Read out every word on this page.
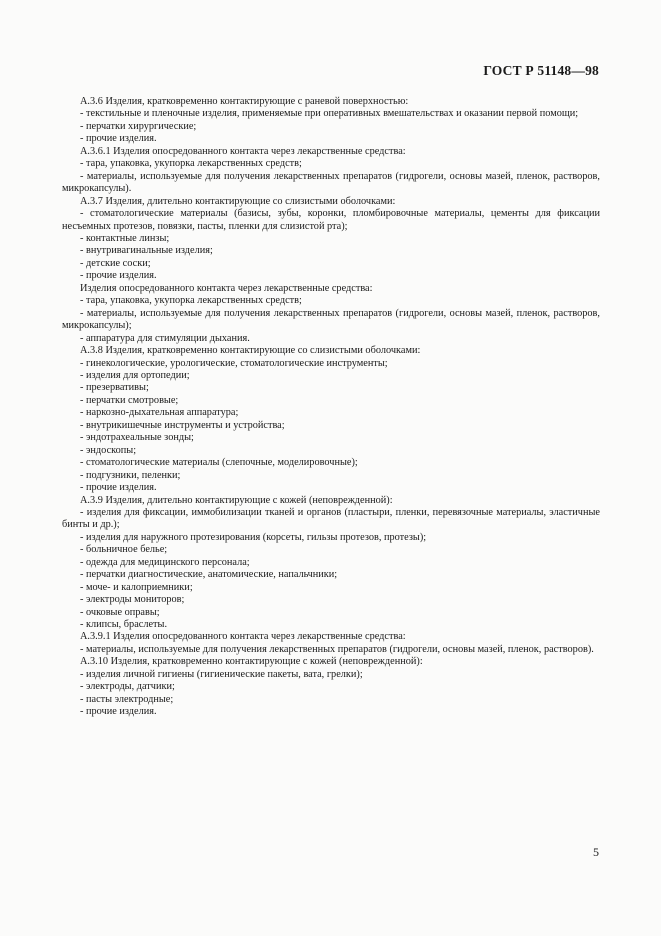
ГОСТ Р 51148—98

А.3.6 Изделия, кратковременно контактирующие с раневой поверхностью:

- текстильные и пленочные изделия, применяемые при оперативных вмешательствах и оказании первой помощи;

- перчатки хирургические;

- прочие изделия.

А.3.6.1 Изделия опосредованного контакта через лекарственные средства:

- тара, упаковка, укупорка лекарственных средств;

- материалы, используемые для получения лекарственных препаратов (гидрогели, основы мазей, пленок, растворов, микрокапсулы).

А.3.7 Изделия, длительно контактирующие со слизистыми оболочками:

- стоматологические материалы (базисы, зубы, коронки, пломбировочные материалы, цементы для фиксации несъемных протезов, повязки, пасты, пленки для слизистой рта);

- контактные линзы;

- внутривагинальные изделия;

- детские соски;

- прочие изделия.

Изделия опосредованного контакта через лекарственные средства:

- тара, упаковка, укупорка лекарственных средств;

- материалы, используемые для получения лекарственных препаратов (гидрогели, основы мазей, пленок, растворов, микрокапсулы);

- аппаратура для стимуляции дыхания.

А.3.8 Изделия, кратковременно контактирующие со слизистыми оболочками:

- гинекологические, урологические, стоматологические инструменты;

- изделия для ортопедии;

- презервативы;

- перчатки смотровые;

- наркозно-дыхательная аппаратура;

- внутрикишечные инструменты и устройства;

- эндотрахеальные зонды;

- эндоскопы;

- стоматологические материалы (слепочные, моделировочные);

- подгузники, пеленки;

- прочие изделия.

А.3.9 Изделия, длительно контактирующие с кожей (неповрежденной):

- изделия для фиксации, иммобилизации тканей и органов (пластыри, пленки, перевязочные материалы, эластичные бинты и др.);

- изделия для наружного протезирования (корсеты, гильзы протезов, протезы);

- больничное белье;

- одежда для медицинского персонала;

- перчатки диагностические, анатомические, напальчники;

- моче- и калоприемники;

- электроды мониторов;

- очковые оправы;

- клипсы, браслеты.

А.3.9.1 Изделия опосредованного контакта через лекарственные средства:

- материалы, используемые для получения лекарственных препаратов (гидрогели, основы мазей, пленок, растворов).

А.3.10 Изделия, кратковременно контактирующие с кожей (неповрежденной):

- изделия личной гигиены (гигиенические пакеты, вата, грелки);

- электроды, датчики;

- пасты электродные;

- прочие изделия.

5
